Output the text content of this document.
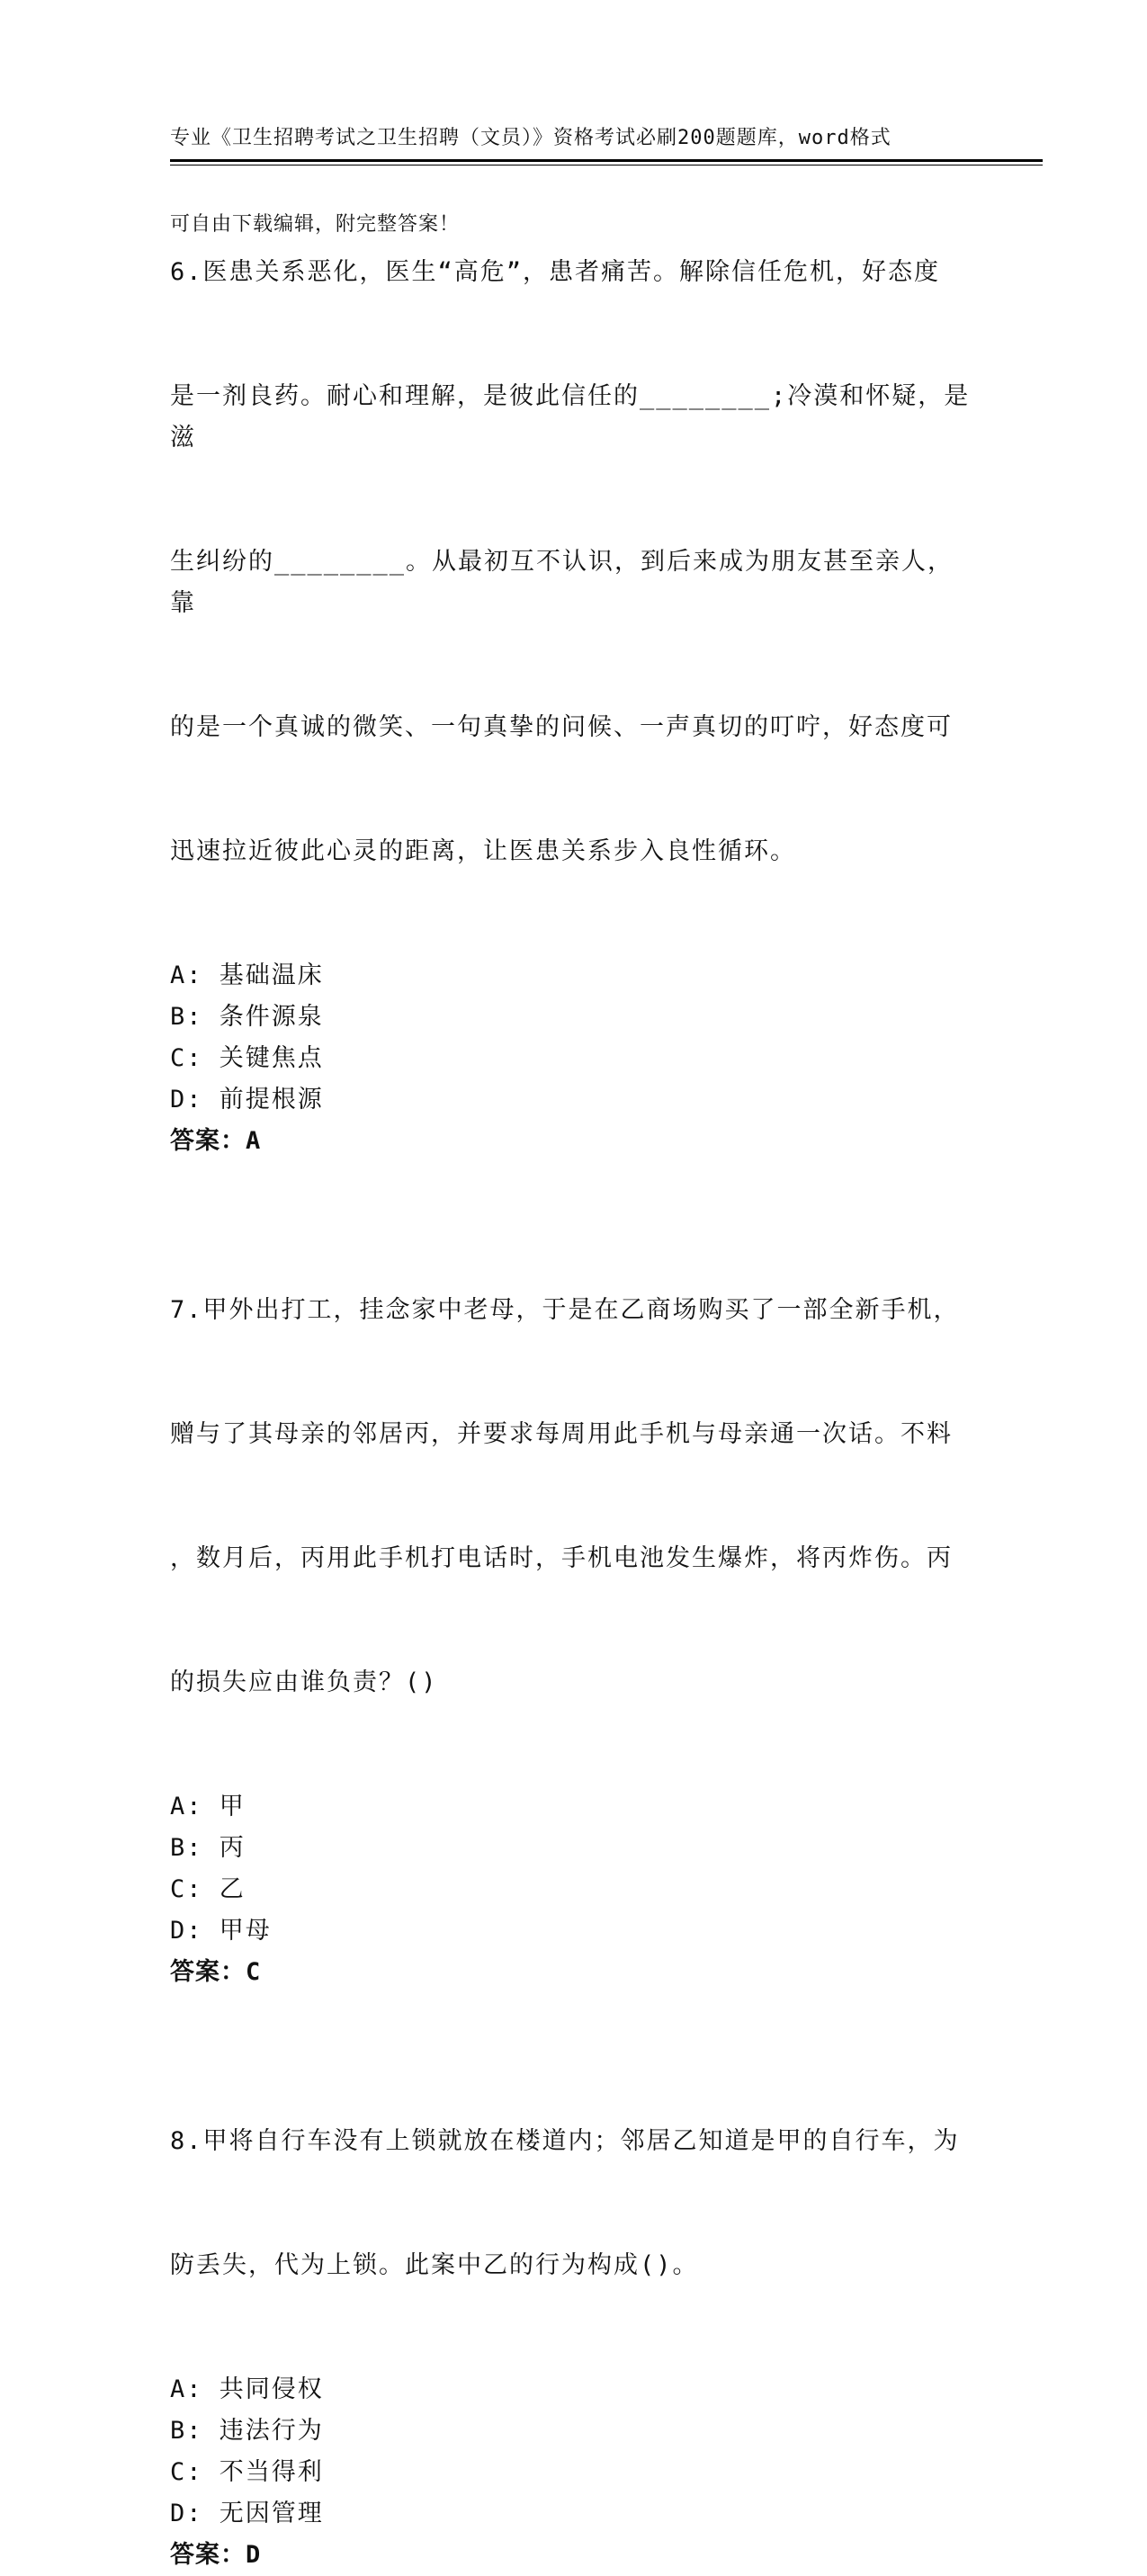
专业《卫生招聘考试之卫生招聘（文员）》资格考试必刷200题题库，word格式

可自由下载编辑，附完整答案！

6.医患关系恶化，医生“高危”，患者痛苦。解除信任危机，好态度

是一剂良药。耐心和理解，是彼此信任的________;冷漠和怀疑，是滋

生纠纷的________。从最初互不认识，到后来成为朋友甚至亲人，靠

的是一个真诚的微笑、一句真挚的问候、一声真切的叮咛，好态度可

迅速拉近彼此心灵的距离，让医患关系步入良性循环。

A: 基础温床
B: 条件源泉
C: 关键焦点
D: 前提根源
答案：A

7.甲外出打工，挂念家中老母，于是在乙商场购买了一部全新手机，

赠与了其母亲的邻居丙，并要求每周用此手机与母亲通一次话。不料

，数月后，丙用此手机打电话时，手机电池发生爆炸，将丙炸伤。丙

的损失应由谁负责？()

A: 甲
B: 丙
C: 乙
D: 甲母
答案：C

8.甲将自行车没有上锁就放在楼道内；邻居乙知道是甲的自行车，为

防丢失，代为上锁。此案中乙的行为构成()。

A: 共同侵权
B: 违法行为
C: 不当得利
D: 无因管理
答案：D
